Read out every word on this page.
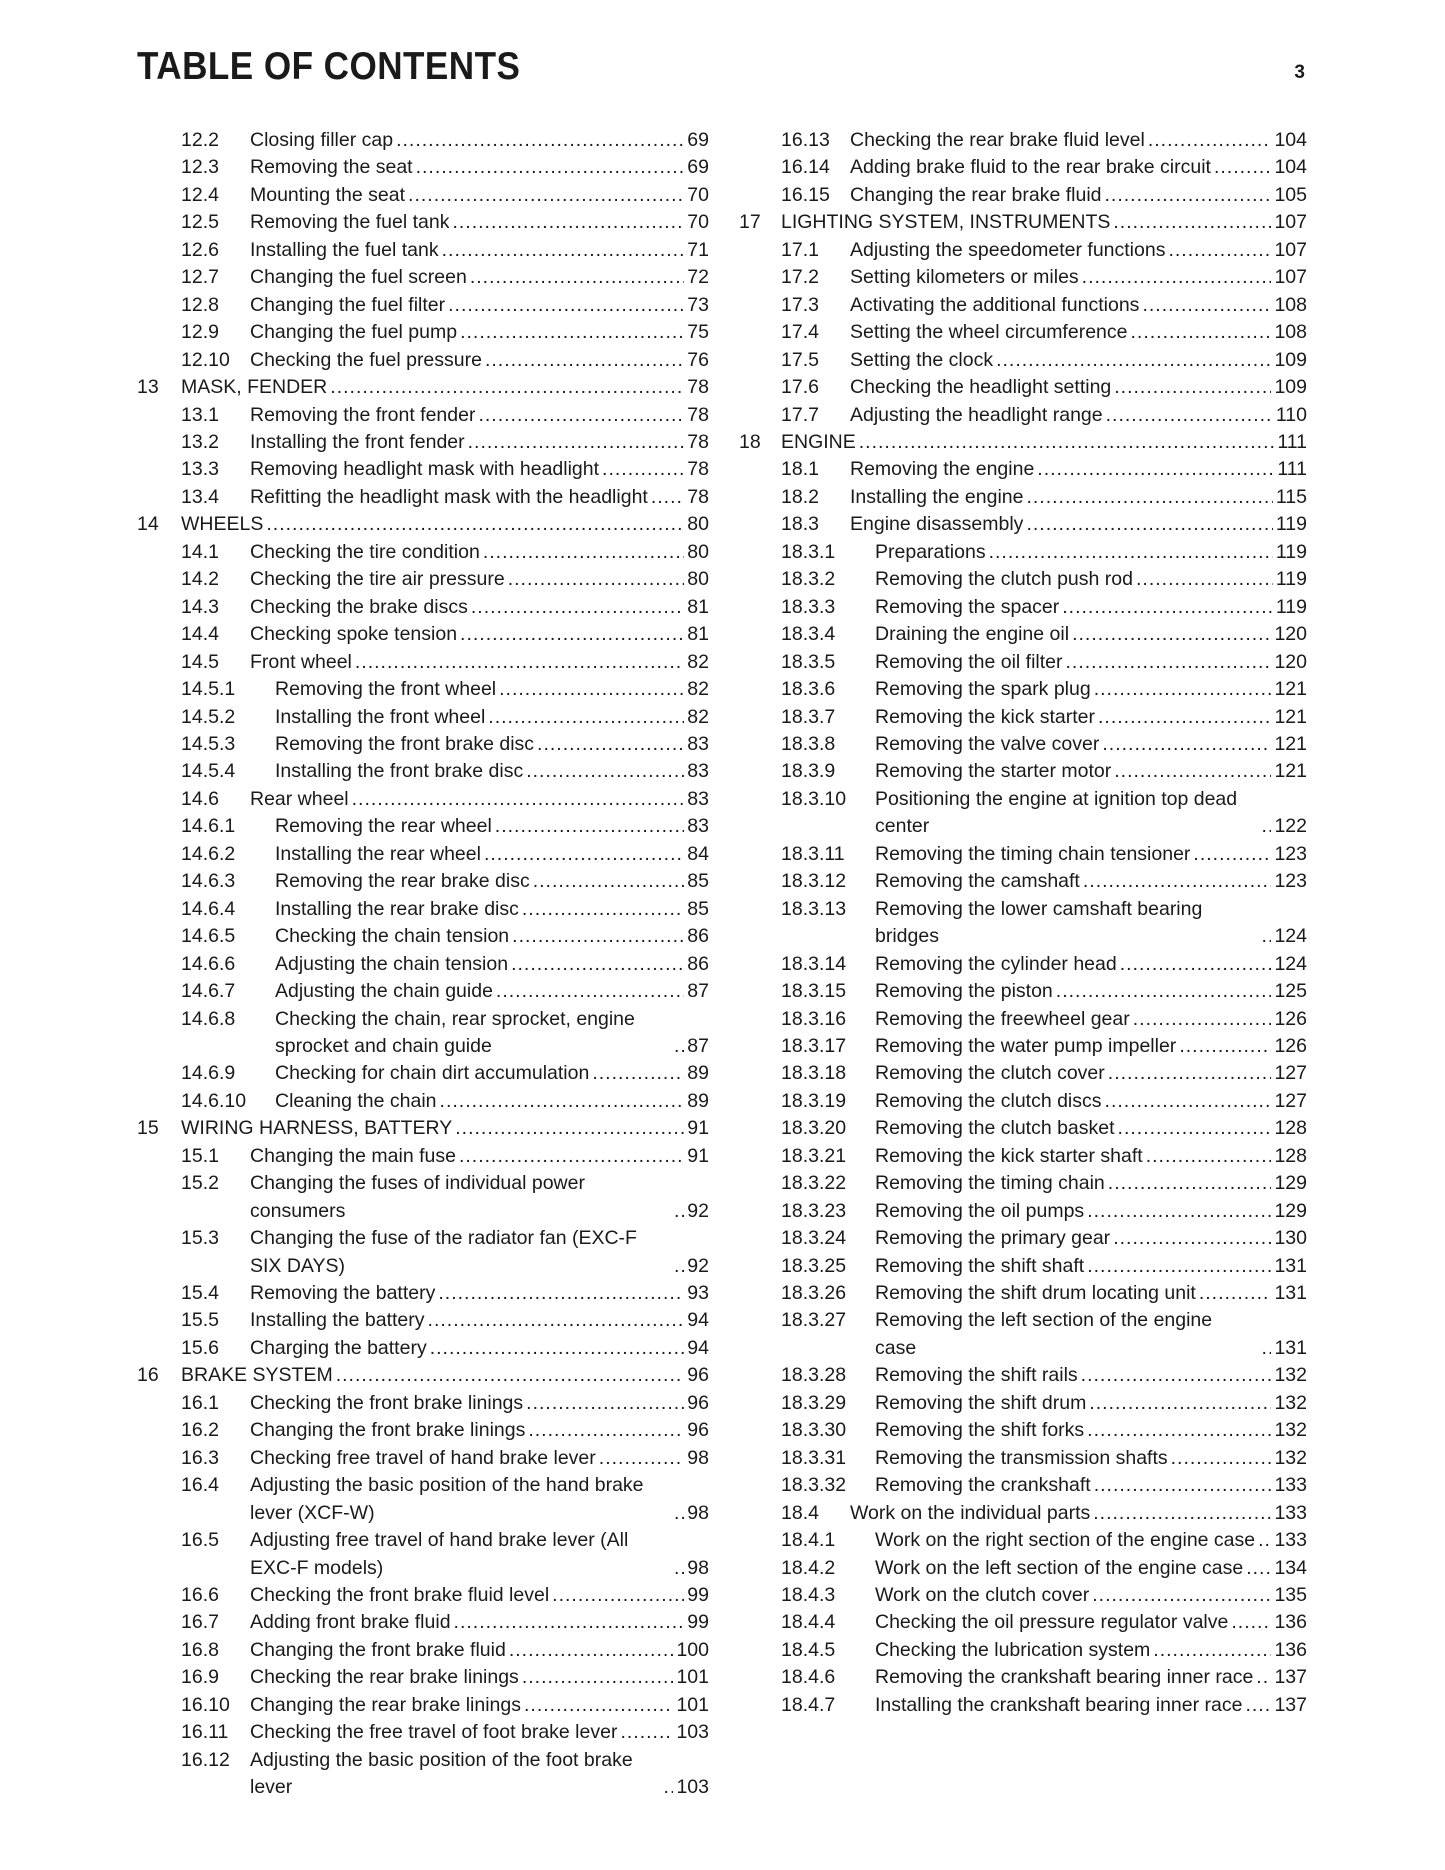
TABLE OF CONTENTS	3
12.2 Closing filler cap .....	69
12.3 Removing the seat .....	69
12.4 Mounting the seat .....	70
12.5 Removing the fuel tank .....	70
12.6 Installing the fuel tank .....	71
12.7 Changing the fuel screen .....	72
12.8 Changing the fuel filter .....	73
12.9 Changing the fuel pump .....	75
12.10 Checking the fuel pressure .....	76
13 MASK, FENDER .....	78
13.1 Removing the front fender .....	78
13.2 Installing the front fender .....	78
13.3 Removing headlight mask with headlight .....	78
13.4 Refitting the headlight mask with the headlight ..... 78
14 WHEELS .....	80
14.1 Checking the tire condition .....	80
14.2 Checking the tire air pressure .....	80
14.3 Checking the brake discs .....	81
14.4 Checking spoke tension .....	81
14.5 Front wheel .....	82
14.5.1 Removing the front wheel .....	82
14.5.2 Installing the front wheel .....	82
14.5.3 Removing the front brake disc .....	83
14.5.4 Installing the front brake disc .....	83
14.6 Rear wheel .....	83
14.6.1 Removing the rear wheel .....	83
14.6.2 Installing the rear wheel .....	84
14.6.3 Removing the rear brake disc .....	85
14.6.4 Installing the rear brake disc .....	85
14.6.5 Checking the chain tension .....	86
14.6.6 Adjusting the chain tension .....	86
14.6.7 Adjusting the chain guide .....	87
14.6.8 Checking the chain, rear sprocket, engine sprocket and chain guide .....	87
14.6.9 Checking for chain dirt accumulation .....	89
14.6.10 Cleaning the chain .....	89
15 WIRING HARNESS, BATTERY .....	91
15.1 Changing the main fuse .....	91
15.2 Changing the fuses of individual power consumers .....	92
15.3 Changing the fuse of the radiator fan (EXC-F SIX DAYS) .....	92
15.4 Removing the battery .....	93
15.5 Installing the battery .....	94
15.6 Charging the battery .....	94
16 BRAKE SYSTEM .....	96
16.1 Checking the front brake linings .....	96
16.2 Changing the front brake linings .....	96
16.3 Checking free travel of hand brake lever .....	98
16.4 Adjusting the basic position of the hand brake lever (XCF-W) .....	98
16.5 Adjusting free travel of hand brake lever (All EXC-F models) .....	98
16.6 Checking the front brake fluid level .....	99
16.7 Adding front brake fluid .....	99
16.8 Changing the front brake fluid .....	100
16.9 Checking the rear brake linings .....	101
16.10 Changing the rear brake linings .....	101
16.11 Checking the free travel of foot brake lever .....	103
16.12 Adjusting the basic position of the foot brake lever .....	103
16.13 Checking the rear brake fluid level .....	104
16.14 Adding brake fluid to the rear brake circuit .....	104
16.15 Changing the rear brake fluid .....	105
17 LIGHTING SYSTEM, INSTRUMENTS .....	107
17.1 Adjusting the speedometer functions .....	107
17.2 Setting kilometers or miles .....	107
17.3 Activating the additional functions .....	108
17.4 Setting the wheel circumference .....	108
17.5 Setting the clock .....	109
17.6 Checking the headlight setting .....	109
17.7 Adjusting the headlight range .....	110
18 ENGINE .....	111
18.1 Removing the engine .....	111
18.2 Installing the engine .....	115
18.3 Engine disassembly .....	119
18.3.1 Preparations .....	119
18.3.2 Removing the clutch push rod .....	119
18.3.3 Removing the spacer .....	119
18.3.4 Draining the engine oil .....	120
18.3.5 Removing the oil filter .....	120
18.3.6 Removing the spark plug .....	121
18.3.7 Removing the kick starter .....	121
18.3.8 Removing the valve cover .....	121
18.3.9 Removing the starter motor .....	121
18.3.10 Positioning the engine at ignition top dead center .....	122
18.3.11 Removing the timing chain tensioner .....	123
18.3.12 Removing the camshaft .....	123
18.3.13 Removing the lower camshaft bearing bridges .....	124
18.3.14 Removing the cylinder head .....	124
18.3.15 Removing the piston .....	125
18.3.16 Removing the freewheel gear .....	126
18.3.17 Removing the water pump impeller .....	126
18.3.18 Removing the clutch cover .....	127
18.3.19 Removing the clutch discs .....	127
18.3.20 Removing the clutch basket .....	128
18.3.21 Removing the kick starter shaft .....	128
18.3.22 Removing the timing chain .....	129
18.3.23 Removing the oil pumps .....	129
18.3.24 Removing the primary gear .....	130
18.3.25 Removing the shift shaft .....	131
18.3.26 Removing the shift drum locating unit .....	131
18.3.27 Removing the left section of the engine case .....	131
18.3.28 Removing the shift rails .....	132
18.3.29 Removing the shift drum .....	132
18.3.30 Removing the shift forks .....	132
18.3.31 Removing the transmission shafts .....	132
18.3.32 Removing the crankshaft .....	133
18.4 Work on the individual parts .....	133
18.4.1 Work on the right section of the engine case ..... 133
18.4.2 Work on the left section of the engine case ..... 134
18.4.3 Work on the clutch cover .....	135
18.4.4 Checking the oil pressure regulator valve ..... 136
18.4.5 Checking the lubrication system .....	136
18.4.6 Removing the crankshaft bearing inner race ..... 137
18.4.7 Installing the crankshaft bearing inner race ..... 137
